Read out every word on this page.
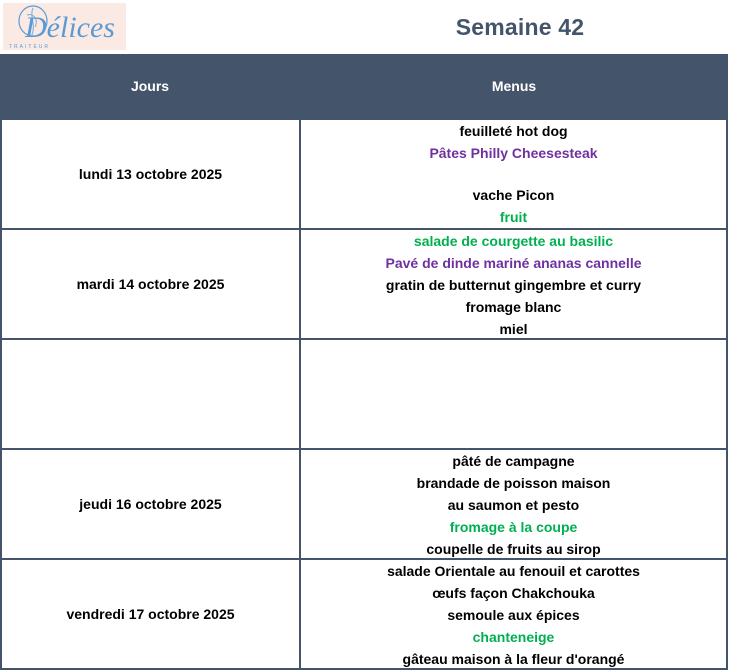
Délices
TRAITEUR
Semaine 42
Jours	Menus
lundi 13 octobre 2025
feuilleté hot dog
Pâtes Philly Cheesesteak
vache Picon
fruit
mardi 14 octobre 2025
salade de courgette au basilic
Pavé de dinde mariné ananas cannelle
gratin de butternut gingembre et curry
fromage blanc
miel
jeudi 16 octobre 2025
pâté de campagne
brandade de poisson maison
au saumon et pesto
fromage à la coupe
coupelle de fruits au sirop
vendredi 17 octobre 2025
salade Orientale au fenouil et carottes
œufs façon Chakchouka
semoule aux épices
chanteneige
gâteau maison à la fleur d'orangé
